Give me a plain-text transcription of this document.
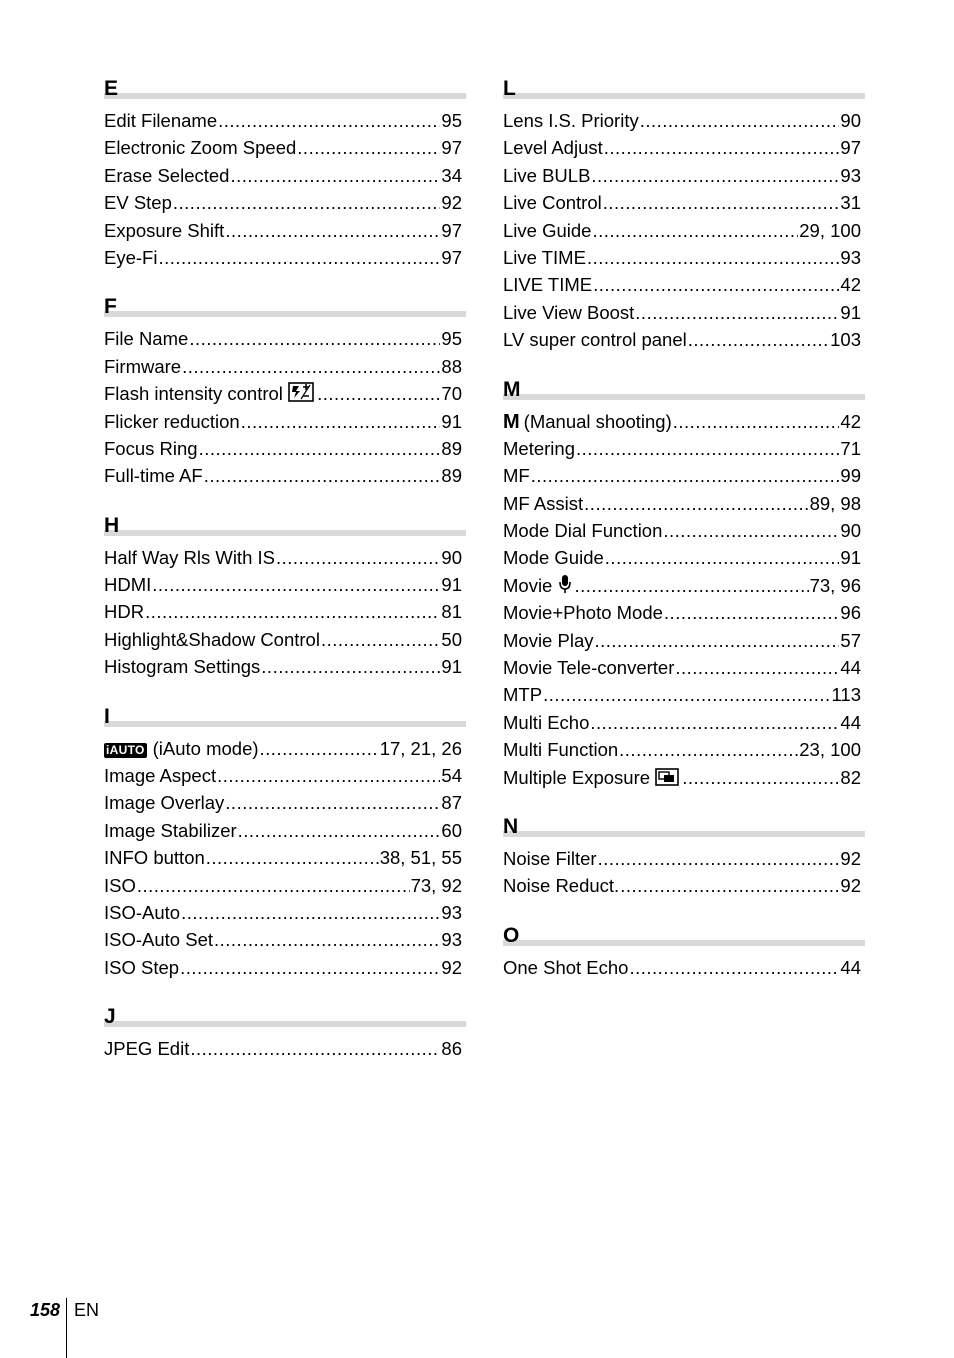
E
Edit Filename .....	95
Electronic Zoom Speed .....	97
Erase Selected .....	34
EV Step .....	92
Exposure Shift .....	97
Eye-Fi .....	97
F
File Name .....	95
Firmware .....	88
Flash intensity control .....	70
Flicker reduction .....	91
Focus Ring .....	89
Full-time AF .....	89
H
Half Way Rls With IS .....	90
HDMI .....	91
HDR .....	81
Highlight&Shadow Control .....	50
Histogram Settings .....	91
I
iAUTO (iAuto mode) .....	17, 21, 26
Image Aspect .....	54
Image Overlay .....	87
Image Stabilizer .....	60
INFO button .....	38, 51, 55
ISO .....	73, 92
ISO-Auto .....	93
ISO-Auto Set .....	93
ISO Step .....	92
J
JPEG Edit .....	86
L
Lens I.S. Priority .....	90
Level Adjust .....	97
Live BULB .....	93
Live Control .....	31
Live Guide .....	29, 100
Live TIME .....	93
LIVE TIME .....	42
Live View Boost .....	91
LV super control panel .....	103
M
M (Manual shooting) .....	42
Metering .....	71
MF .....	99
MF Assist .....	89, 98
Mode Dial Function .....	90
Mode Guide .....	91
Movie .....	73, 96
Movie+Photo Mode .....	96
Movie Play .....	57
Movie Tele-converter .....	44
MTP .....	113
Multi Echo .....	44
Multi Function .....	23, 100
Multiple Exposure .....	82
N
Noise Filter .....	92
Noise Reduct. .....	92
O
One Shot Echo .....	44
158 EN
